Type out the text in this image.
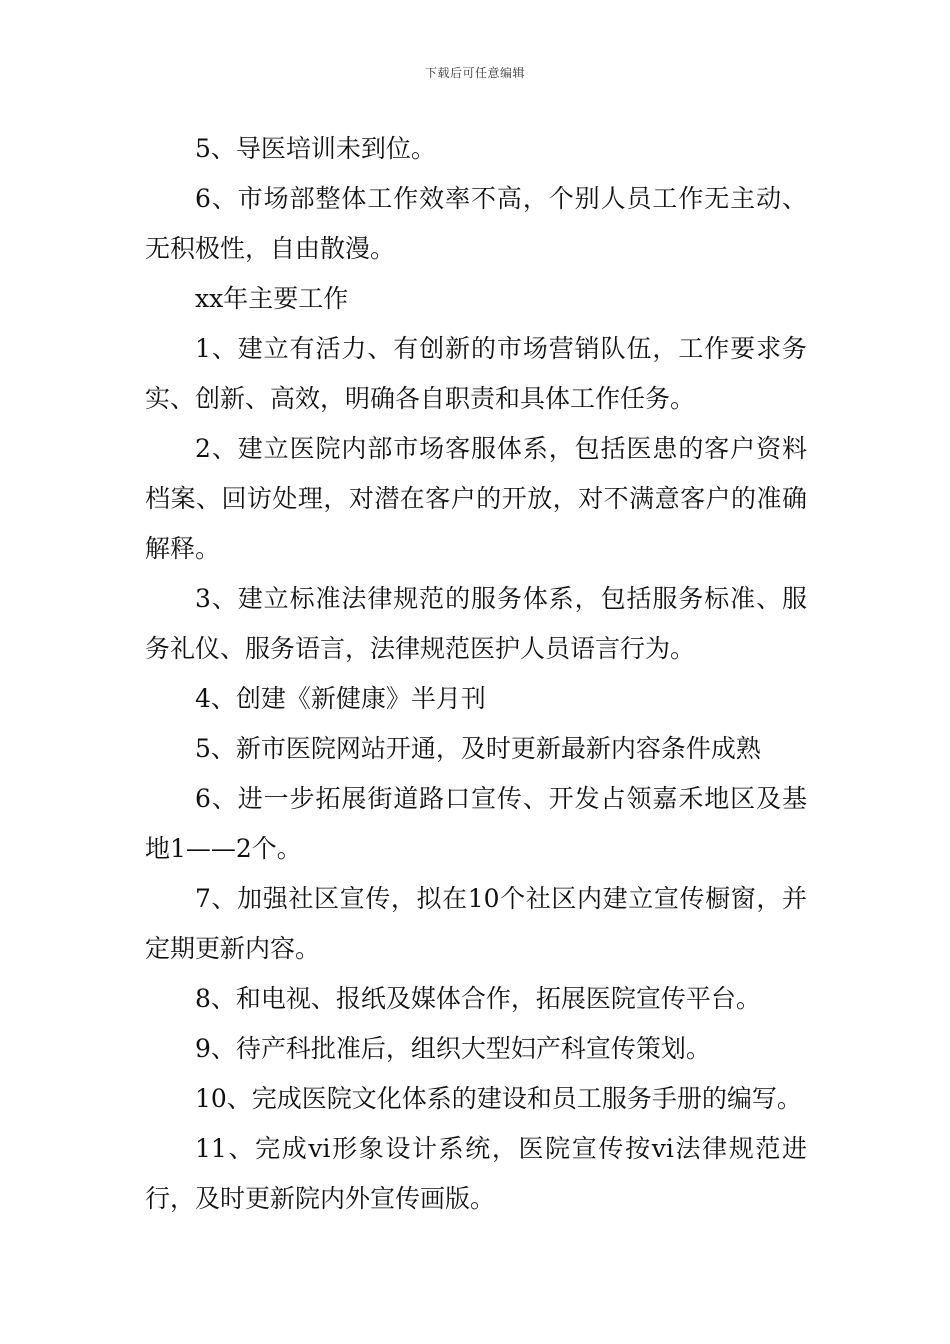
下载后可任意编辑

5、导医培训未到位。

6、市场部整体工作效率不高，个别人员工作无主动、无积极性，自由散漫。

xx年主要工作

1、建立有活力、有创新的市场营销队伍，工作要求务实、创新、高效，明确各自职责和具体工作任务。

2、建立医院内部市场客服体系，包括医患的客户资料档案、回访处理，对潜在客户的开放，对不满意客户的准确解释。

3、建立标准法律规范的服务体系，包括服务标准、服务礼仪、服务语言，法律规范医护人员语言行为。

4、创建《新健康》半月刊

5、新市医院网站开通，及时更新最新内容条件成熟

6、进一步拓展街道路口宣传、开发占领嘉禾地区及基地1——2个。

7、加强社区宣传，拟在10个社区内建立宣传橱窗，并定期更新内容。

8、和电视、报纸及媒体合作，拓展医院宣传平台。

9、待产科批准后，组织大型妇产科宣传策划。

10、完成医院文化体系的建设和员工服务手册的编写。

11、完成vi形象设计系统，医院宣传按vi法律规范进行，及时更新院内外宣传画版。
